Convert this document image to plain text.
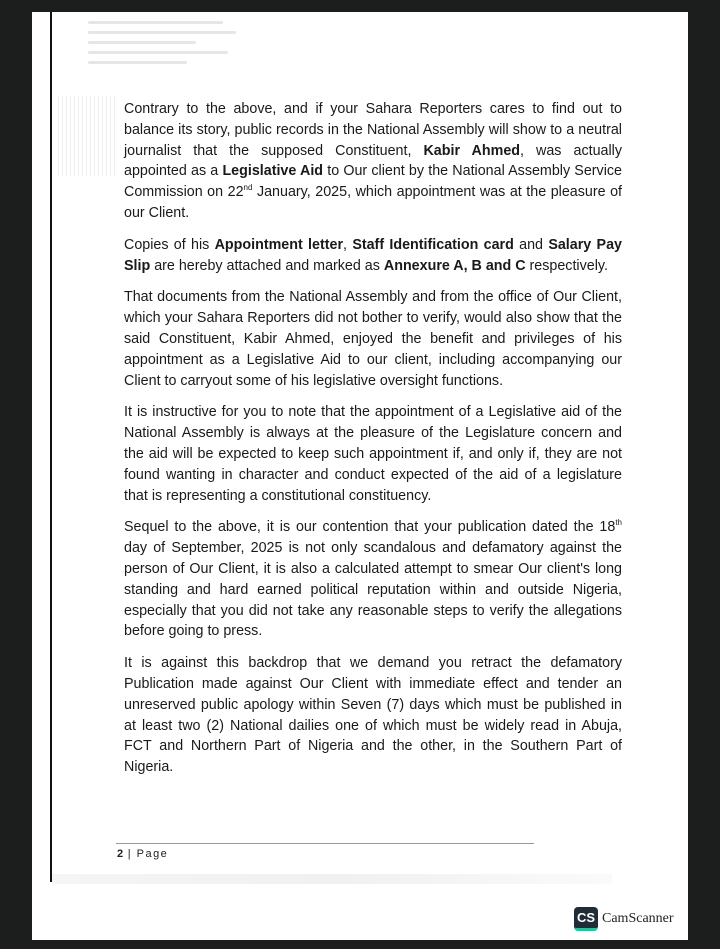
Contrary to the above, and if your Sahara Reporters cares to find out to balance its story, public records in the National Assembly will show to a neutral journalist that the supposed Constituent, Kabir Ahmed, was actually appointed as a Legislative Aid to Our client by the National Assembly Service Commission on 22nd January, 2025, which appointment was at the pleasure of our Client.

Copies of his Appointment letter, Staff Identification card and Salary Pay Slip are hereby attached and marked as Annexure A, B and C respectively.

That documents from the National Assembly and from the office of Our Client, which your Sahara Reporters did not bother to verify, would also show that the said Constituent, Kabir Ahmed, enjoyed the benefit and privileges of his appointment as a Legislative Aid to our client, including accompanying our Client to carryout some of his legislative oversight functions.

It is instructive for you to note that the appointment of a Legislative aid of the National Assembly is always at the pleasure of the Legislature concern and the aid will be expected to keep such appointment if, and only if, they are not found wanting in character and conduct expected of the aid of a legislature that is representing a constitutional constituency.

Sequel to the above, it is our contention that your publication dated the 18th day of September, 2025 is not only scandalous and defamatory against the person of Our Client, it is also a calculated attempt to smear Our client's long standing and hard earned political reputation within and outside Nigeria, especially that you did not take any reasonable steps to verify the allegations before going to press.

It is against this backdrop that we demand you retract the defamatory Publication made against Our Client with immediate effect and tender an unreserved public apology within Seven (7) days which must be published in at least two (2) National dailies one of which must be widely read in Abuja, FCT and Northern Part of Nigeria and the other, in the Southern Part of Nigeria.

2 | Page
CS CamScanner
